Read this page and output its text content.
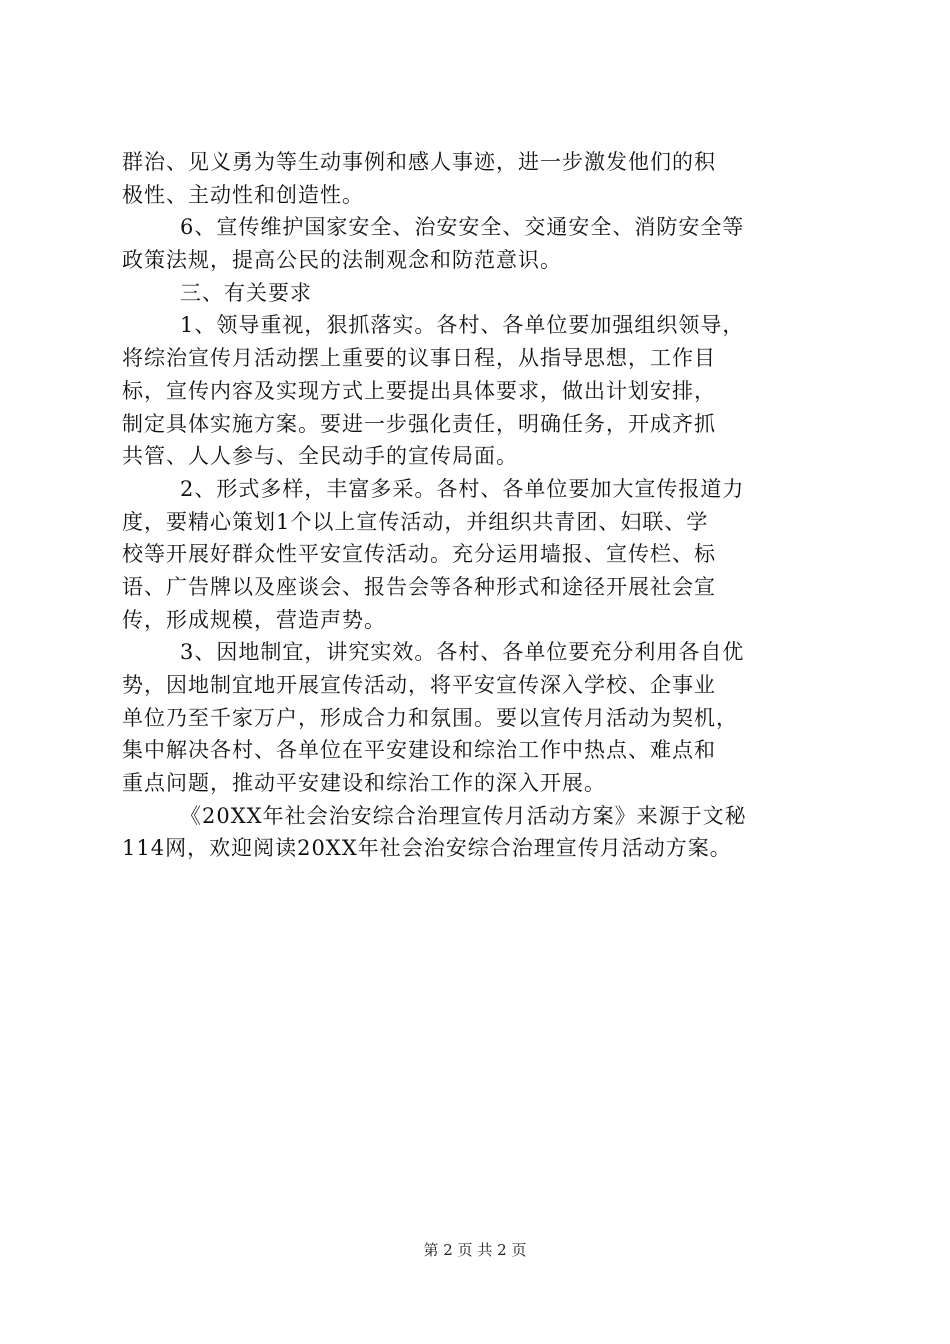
群治、见义勇为等生动事例和感人事迹，进一步激发他们的积
极性、主动性和创造性。
6、宣传维护国家安全、治安安全、交通安全、消防安全等
政策法规，提高公民的法制观念和防范意识。
三、有关要求
1、领导重视，狠抓落实。各村、各单位要加强组织领导，
将综治宣传月活动摆上重要的议事日程，从指导思想，工作目
标，宣传内容及实现方式上要提出具体要求，做出计划安排，
制定具体实施方案。要进一步强化责任，明确任务，开成齐抓
共管、人人参与、全民动手的宣传局面。
2、形式多样，丰富多采。各村、各单位要加大宣传报道力
度，要精心策划1个以上宣传活动，并组织共青团、妇联、学
校等开展好群众性平安宣传活动。充分运用墙报、宣传栏、标
语、广告牌以及座谈会、报告会等各种形式和途径开展社会宣
传，形成规模，营造声势。
3、因地制宜，讲究实效。各村、各单位要充分利用各自优
势，因地制宜地开展宣传活动，将平安宣传深入学校、企事业
单位乃至千家万户，形成合力和氛围。要以宣传月活动为契机，
集中解决各村、各单位在平安建设和综治工作中热点、难点和
重点问题，推动平安建设和综治工作的深入开展。
《20XX年社会治安综合治理宣传月活动方案》来源于文秘
114网，欢迎阅读20XX年社会治安综合治理宣传月活动方案。
第 2 页 共 2 页
